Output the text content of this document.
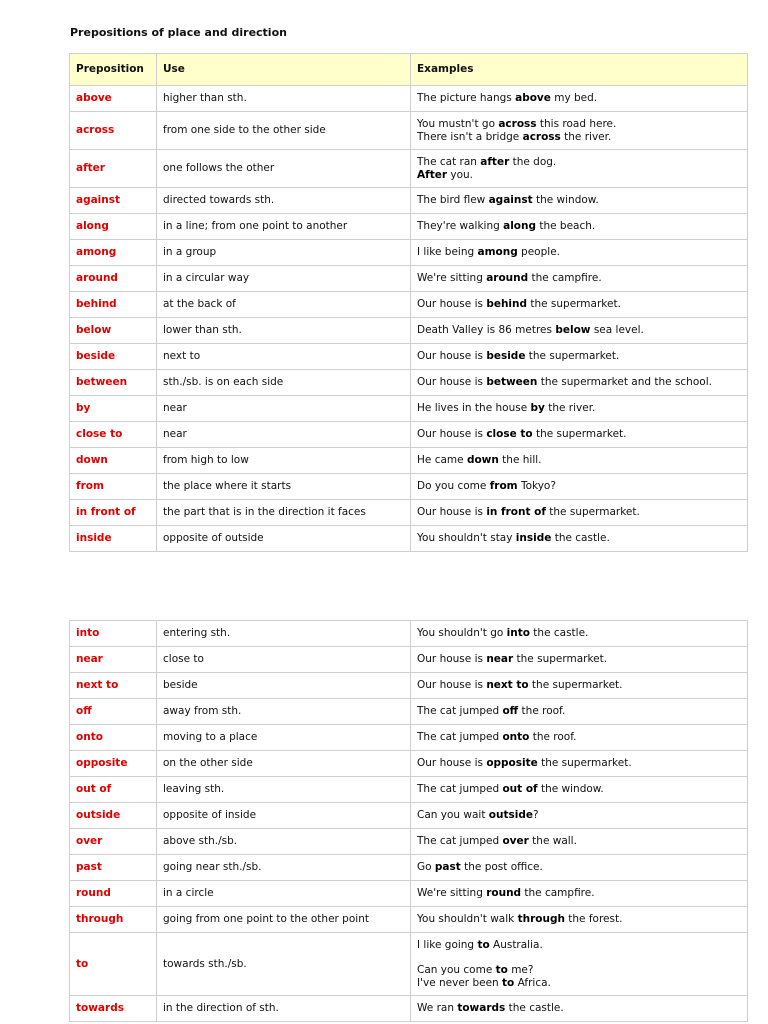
Prepositions of place and direction
Preposition	Use	Examples
above	higher than sth.	The picture hangs above my bed.

across	from one side to the other side	You mustn't go across this road here.
There isn't a bridge across the river.

after	one follows the other	The cat ran after the dog.
After you.

against	directed towards sth.	The bird flew against the window.

along	in a line; from one point to another	They're walking along the beach.

among	in a group	I like being among people.

around	in a circular way	We're sitting around the campfire.

behind	at the back of	Our house is behind the supermarket.

below	lower than sth.	Death Valley is 86 metres below sea level.

beside	next to	Our house is beside the supermarket.

between	sth./sb. is on each side	Our house is between the supermarket and the school.

by	near	He lives in the house by the river.

close to	near	Our house is close to the supermarket.

down	from high to low	He came down the hill.

from	the place where it starts	Do you come from Tokyo?

in front of	the part that is in the direction it faces	Our house is in front of the supermarket.

inside	opposite of outside	You shouldn't stay inside the castle.
into	entering sth.	You shouldn't go into the castle.

near	close to	Our house is near the supermarket.

next to	beside	Our house is next to the supermarket.

off	away from sth.	The cat jumped off the roof.

onto	moving to a place	The cat jumped onto the roof.

opposite	on the other side	Our house is opposite the supermarket.

out of	leaving sth.	The cat jumped out of the window.

outside	opposite of inside	Can you wait outside?

over	above sth./sb.	The cat jumped over the wall.

past	going near sth./sb.	Go past the post office.

round	in a circle	We're sitting round the campfire.

through	going from one point to the other point	You shouldn't walk through the forest.

to	towards sth./sb.	I like going to Australia.
Can you come to me?
I've never been to Africa.

towards	in the direction of sth.	We ran towards the castle.
